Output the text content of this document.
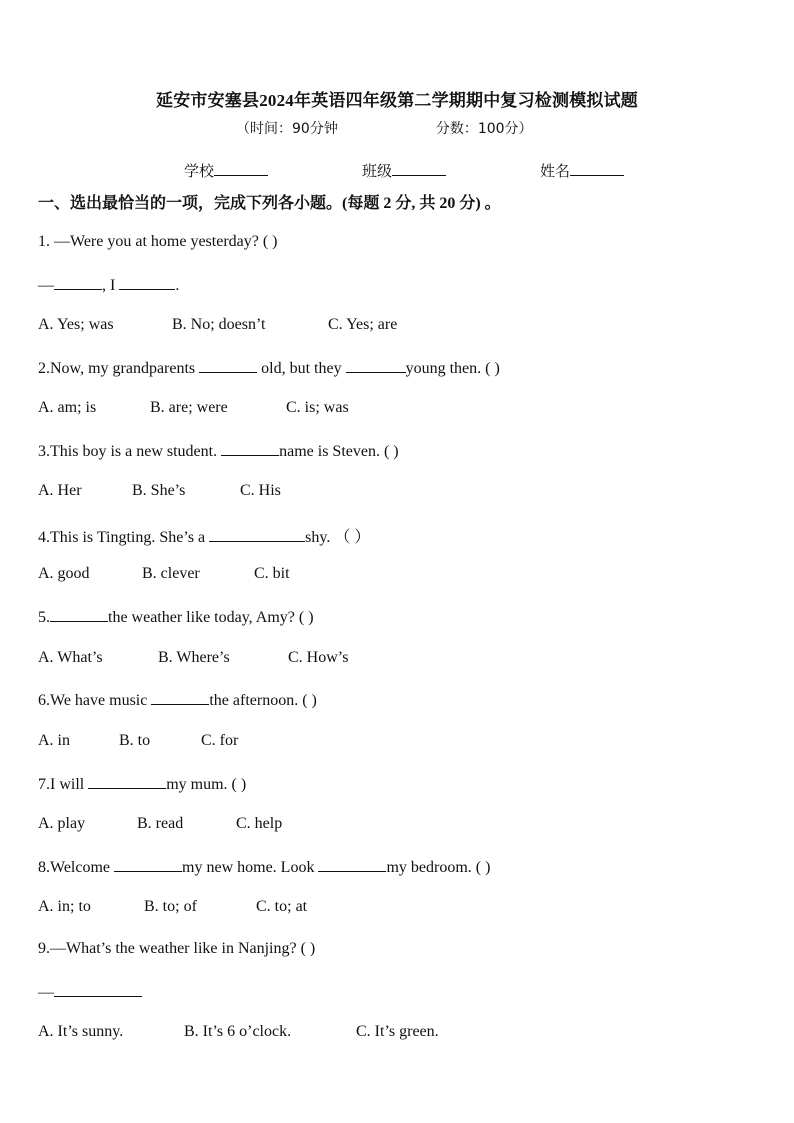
延安市安塞县2024年英语四年级第二学期期中复习检测模拟试题
（时间：90分钟	分数：100分）
学校	班级	姓名
一、选出最恰当的一项，完成下列各小题。(每题 2 分, 共 20 分) 。
1. —Were you at home yesterday? ( )
—	, I	.
A. Yes; was	B. No; doesn’t	C. Yes; are
2.Now, my grandparents	old, but they	young then. ( )
A. am; is	B. are; were	C. is; was
3.This boy is a new student.	name is Steven. ( )
A. Her	B. She’s	C. His
4.This is Tingting. She’s a	shy. （ ）
A. good	B. clever	C. bit
5.	the weather like today, Amy? ( )
A. What’s	B. Where’s	C. How’s
6.We have music	the afternoon. ( )
A. in	B. to	C. for
7.I will	my mum. ( )
A. play	B. read	C. help
8.Welcome	my new home. Look	my bedroom. ( )
A. in; to	B. to; of	C. to; at
9.—What’s the weather like in Nanjing? ( )
—
A. It’s sunny.	B. It’s 6 o’clock.	C. It’s green.
